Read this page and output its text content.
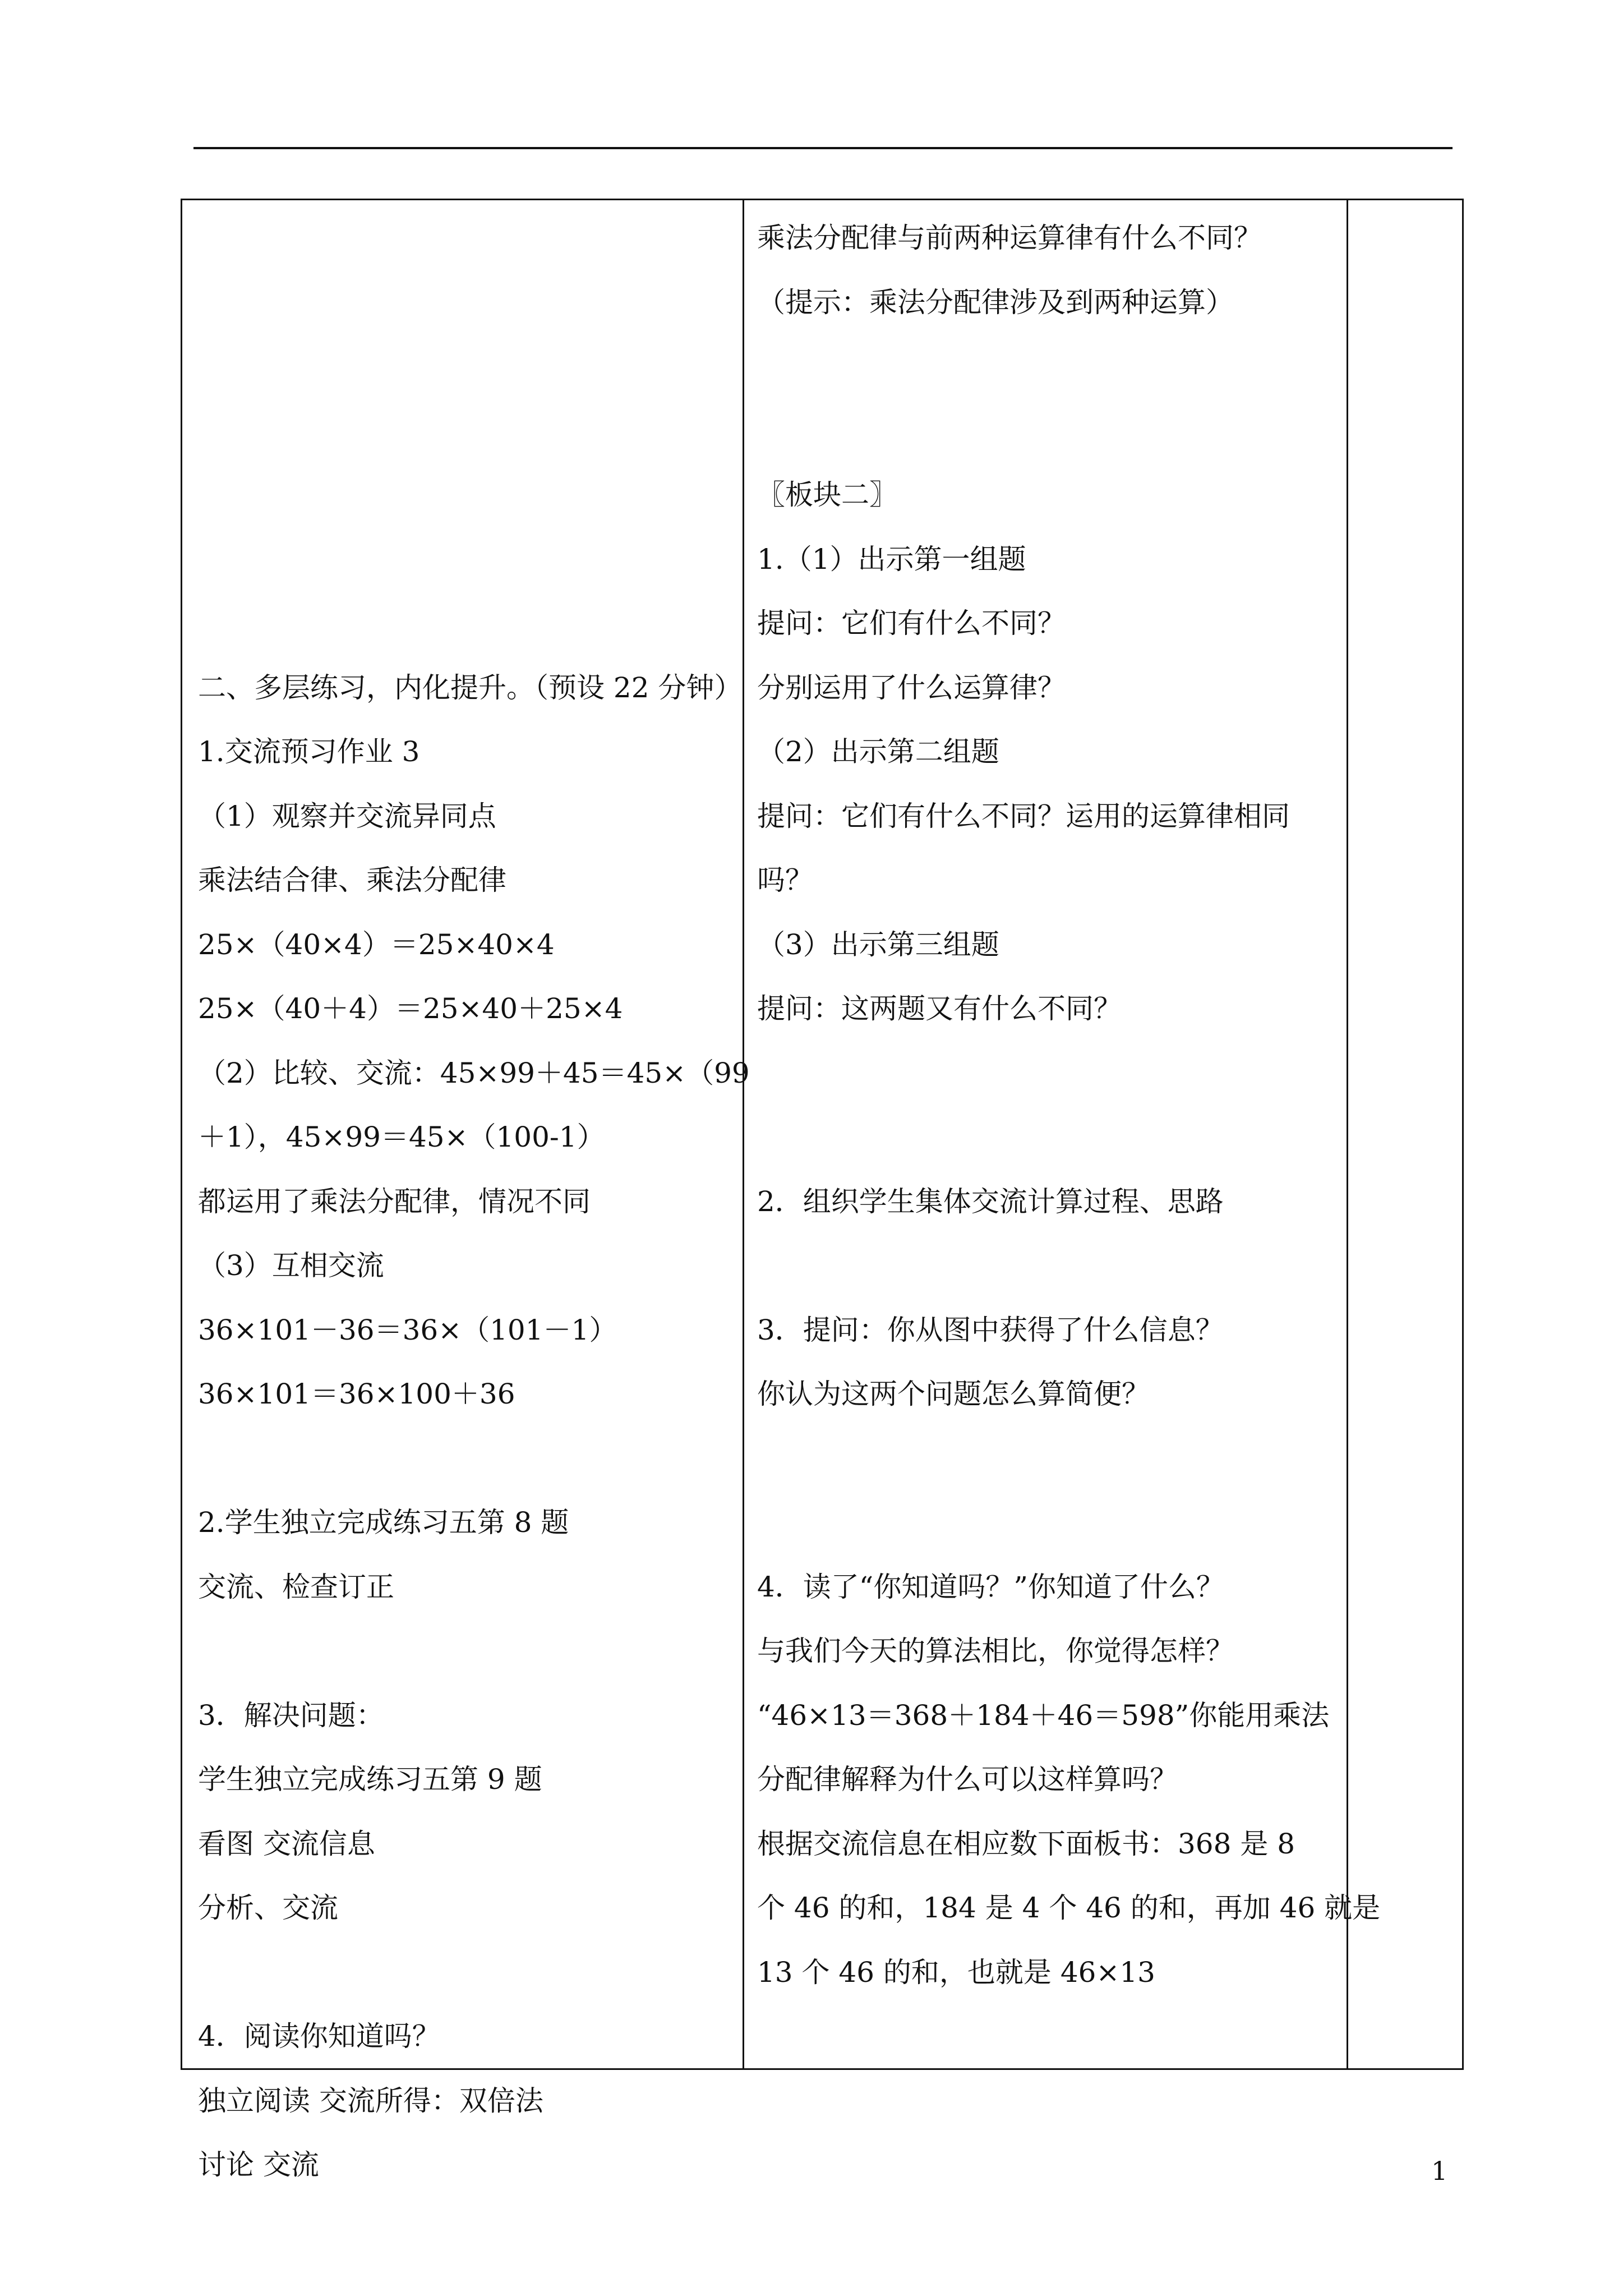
二、多层练习，内化提升。（预设 22 分钟）
1.交流预习作业 3
（1）观察并交流异同点
乘法结合律、乘法分配律
25×（40×4）＝25×40×4
25×（40＋4）＝25×40＋25×4
（2）比较、交流：45×99＋45＝45×（99
＋1），45×99＝45×（100-1）
都运用了乘法分配律，情况不同
（3）互相交流
36×101－36＝36×（101－1）
36×101＝36×100＋36
2.学生独立完成练习五第 8 题
交流、检查订正
3．解决问题：
学生独立完成练习五第 9 题
看图 交流信息
分析、交流
4．阅读你知道吗？
独立阅读 交流所得：双倍法
讨论 交流
乘法分配律与前两种运算律有什么不同？
（提示：乘法分配律涉及到两种运算）
〖板块二〗
1.（1）出示第一组题
提问：它们有什么不同？
分别运用了什么运算律？
（2）出示第二组题
提问：它们有什么不同？运用的运算律相同
吗？
（3）出示第三组题
提问：这两题又有什么不同？
2．组织学生集体交流计算过程、思路
3．提问：你从图中获得了什么信息？
你认为这两个问题怎么算简便？
4．读了“你知道吗？”你知道了什么？
与我们今天的算法相比，你觉得怎样？
“46×13＝368＋184＋46＝598”你能用乘法
分配律解释为什么可以这样算吗？
根据交流信息在相应数下面板书：368 是 8
个 46 的和，184 是 4 个 46 的和，再加 46 就是
13 个 46 的和，也就是 46×13
1
